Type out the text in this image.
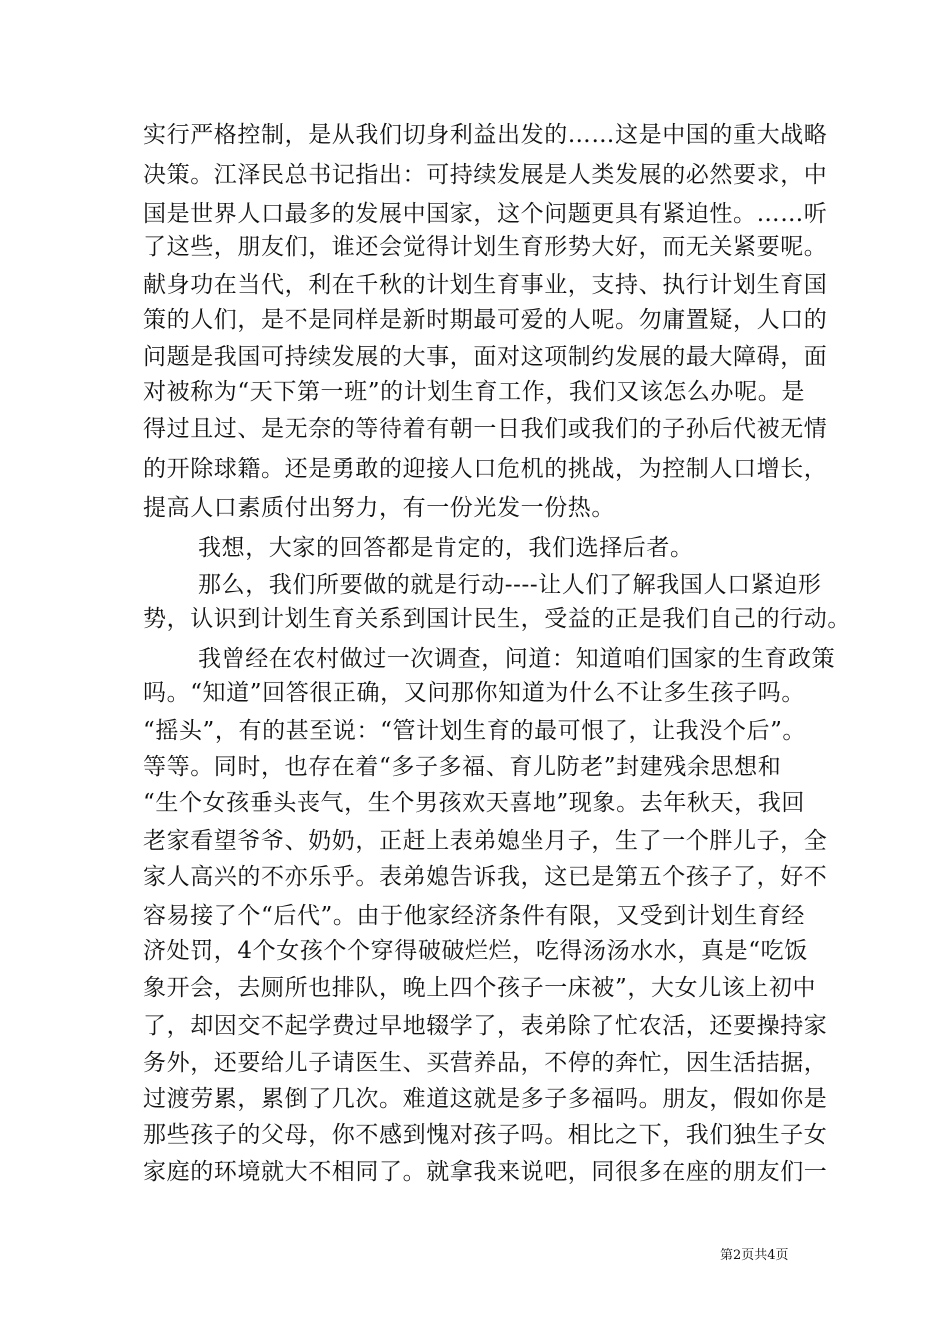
实行严格控制，是从我们切身利益出发的……这是中国的重大战略
决策。江泽民总书记指出：可持续发展是人类发展的必然要求，中
国是世界人口最多的发展中国家，这个问题更具有紧迫性。……听
了这些，朋友们，谁还会觉得计划生育形势大好，而无关紧要呢。
献身功在当代，利在千秋的计划生育事业，支持、执行计划生育国
策的人们，是不是同样是新时期最可爱的人呢。勿庸置疑，人口的
问题是我国可持续发展的大事，面对这项制约发展的最大障碍，面
对被称为“天下第一班”的计划生育工作，我们又该怎么办呢。是
得过且过、是无奈的等待着有朝一日我们或我们的子孙后代被无情
的开除球籍。还是勇敢的迎接人口危机的挑战，为控制人口增长，
提高人口素质付出努力，有一份光发一份热。
我想，大家的回答都是肯定的，我们选择后者。
那么，我们所要做的就是行动----让人们了解我国人口紧迫形
势，认识到计划生育关系到国计民生，受益的正是我们自己的行动。
我曾经在农村做过一次调查，问道：知道咱们国家的生育政策
吗。“知道”回答很正确，又问那你知道为什么不让多生孩子吗。
“摇头”，有的甚至说：“管计划生育的最可恨了，让我没个后”。
等等。同时，也存在着“多子多福、育儿防老”封建残余思想和
“生个女孩垂头丧气，生个男孩欢天喜地”现象。去年秋天，我回
老家看望爷爷、奶奶，正赶上表弟媳坐月子，生了一个胖儿子，全
家人高兴的不亦乐乎。表弟媳告诉我，这已是第五个孩子了，好不
容易接了个“后代”。由于他家经济条件有限，又受到计划生育经
济处罚，4个女孩个个穿得破破烂烂，吃得汤汤水水，真是“吃饭
象开会，去厕所也排队，晚上四个孩子一床被”，大女儿该上初中
了，却因交不起学费过早地辍学了，表弟除了忙农活，还要操持家
务外，还要给儿子请医生、买营养品，不停的奔忙，因生活拮据，
过渡劳累，累倒了几次。难道这就是多子多福吗。朋友，假如你是
那些孩子的父母，你不感到愧对孩子吗。相比之下，我们独生子女
家庭的环境就大不相同了。就拿我来说吧，同很多在座的朋友们一
第2页共4页
